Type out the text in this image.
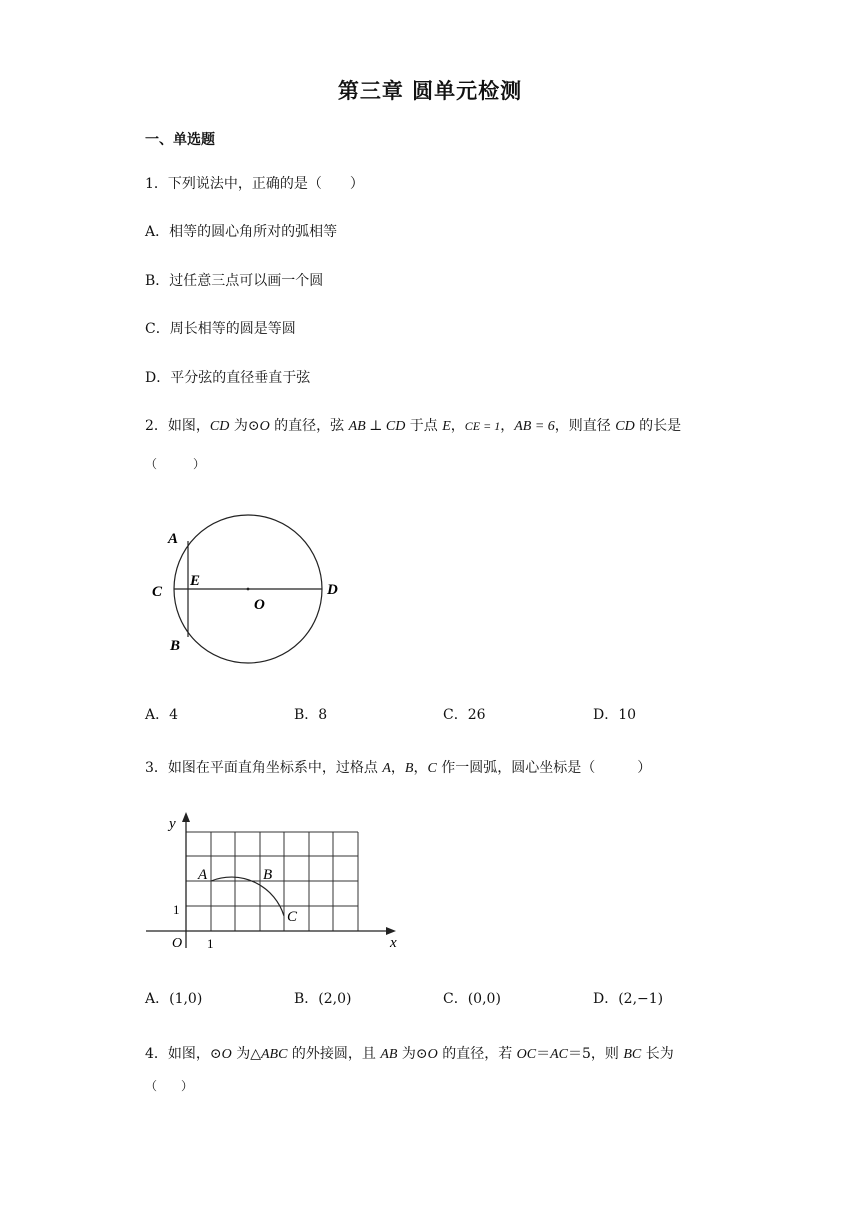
第三章 圆单元检测
一、单选题
1．下列说法中，正确的是（　　）
A．相等的圆心角所对的弧相等
B．过任意三点可以画一个圆
C．周长相等的圆是等圆
D．平分弦的直径垂直于弦
2．如图，CD 为⊙O 的直径，弦 AB ⊥ CD 于点 E，CE = 1，AB = 6，则直径 CD 的长是
（　　　）
A
C
E
O
D
B
A．4	B．8	C．26	D．10
3．如图在平面直角坐标系中，过格点 A，B，C 作一圆弧，圆心坐标是（　　　）
y
x
O 1
1
A	B
C
A．(1,0)	B．(2,0)	C．(0,0)	D．(2,−1)
4．如图，⊙O 为△ABC 的外接圆，且 AB 为⊙O 的直径，若 OC＝AC＝5，则 BC 长为
（　　）
